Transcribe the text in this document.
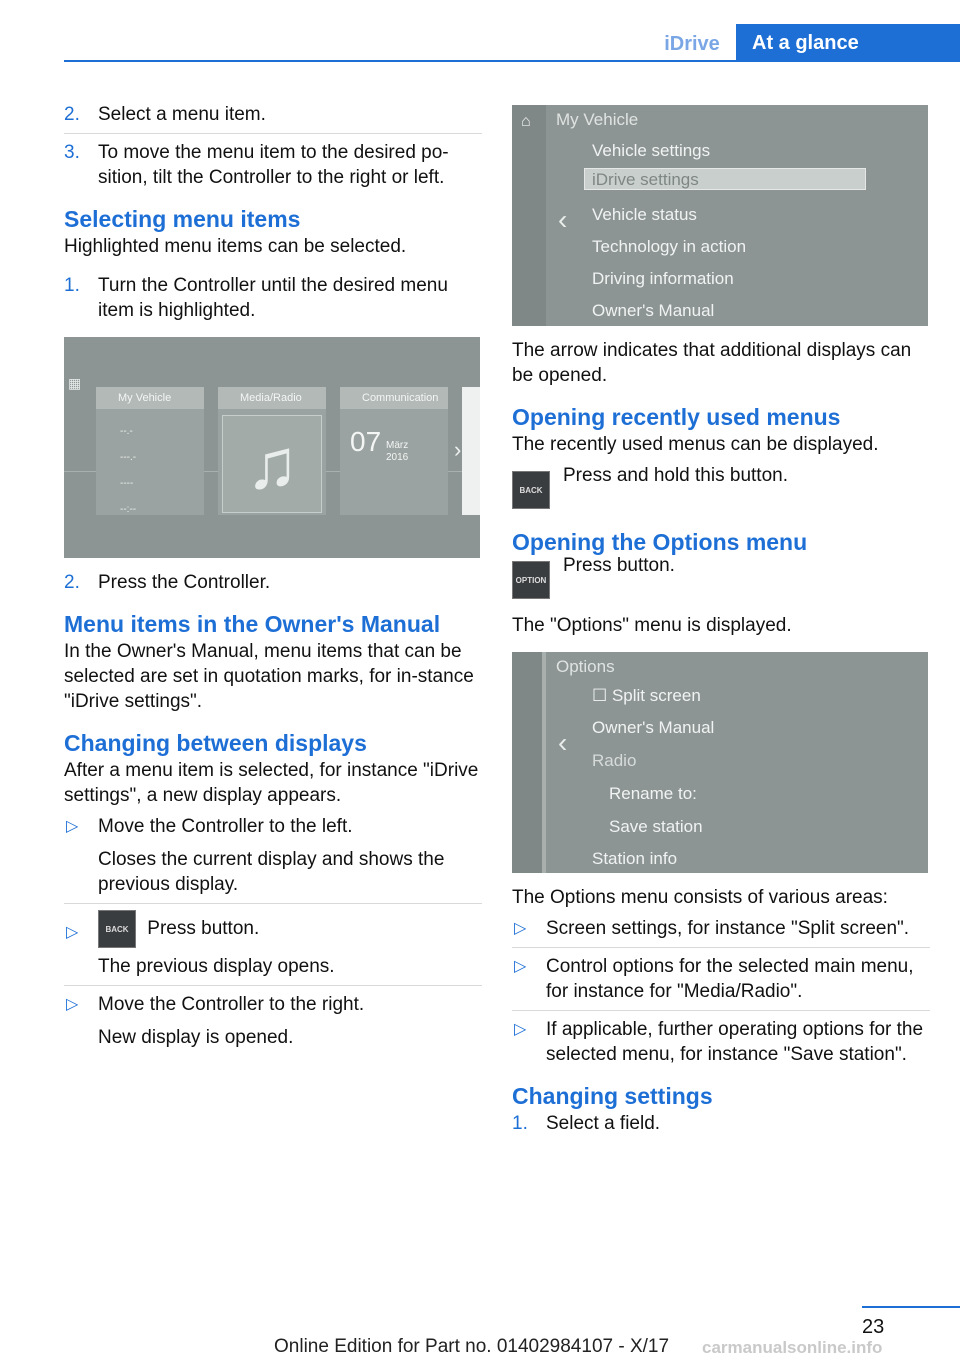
iDrive	At a glance
2. Select a menu item.
3. To move the menu item to the desired po‐sition, tilt the Controller to the right or left.
Selecting menu items

Highlighted menu items can be selected.

1. Turn the Controller until the desired menu item is highlighted.
▦
My Vehicle
--.-
---.-
----
--:--
♫
Media/Radio
07 März
2016
Communication
›
2. Press the Controller.
Menu items in the Owner's Manual

In the Owner's Manual, menu items that can be selected are set in quotation marks, for in‐stance "iDrive settings".

Changing between displays

After a menu item is selected, for instance "iDrive settings", a new display appears.

▷ Move the Controller to the left.
Closes the current display and shows the previous display.
▷	BACK Press button.
The previous display opens.
▷ Move the Controller to the right.
New display is opened.
⌂ My Vehicle
Vehicle settings
iDrive settings
Vehicle status
Technology in action
Driving information
Owner's Manual
‹

The arrow indicates that additional displays can be opened.

Opening recently used menus

The recently used menus can be displayed.

BACK
Press and hold this button.
Opening the Options menu
OPTION
Press button.

The "Options" menu is displayed.

Options
☐ Split screen
Owner's Manual
Radio
Rename to:
Save station
Station info
‹

The Options menu consists of various areas:

▷ Screen settings, for instance "Split screen".
▷ Control options for the selected main menu, for instance for "Media/Radio".
▷ If applicable, further operating options for the selected menu, for instance "Save station".
Changing settings
1. Select a field.
23
Online Edition for Part no. 01402984107 - X/17 carmanualsonline.info
